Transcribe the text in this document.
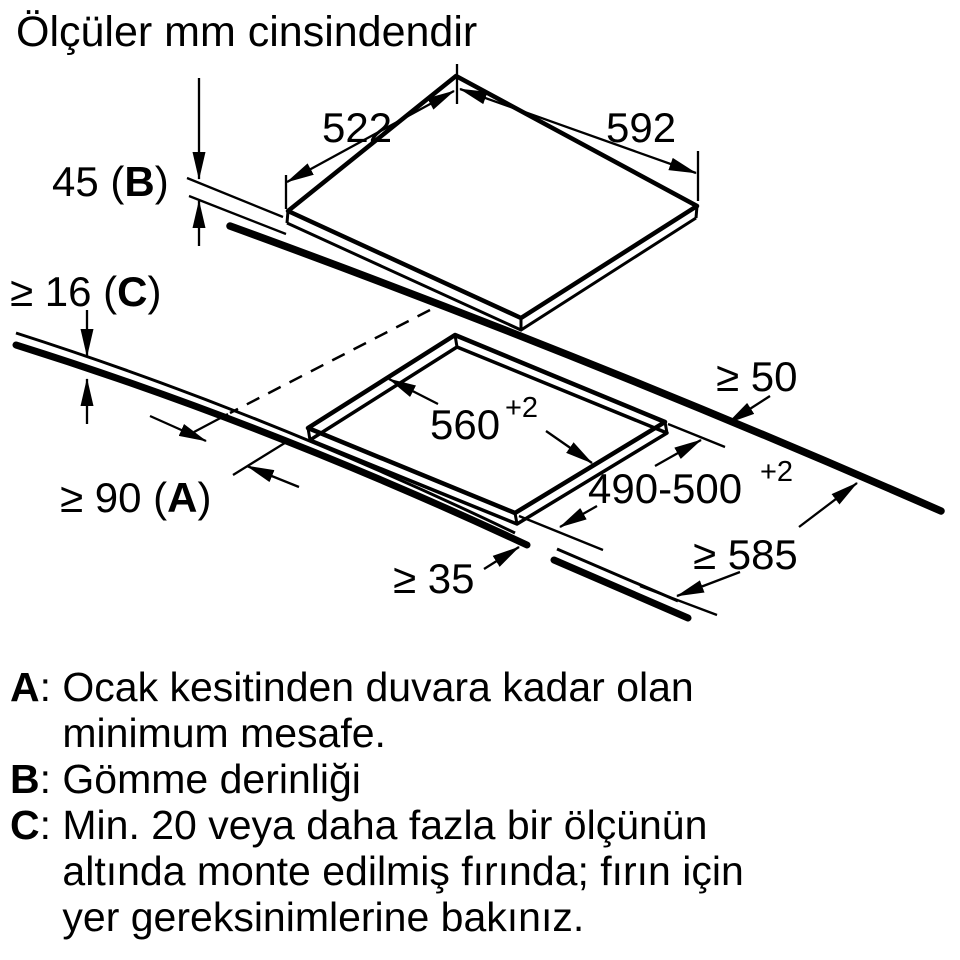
Ölçüler mm cinsindendir
522	592
45 (B)
≥ 16 (C)
≥ 50
560 +2
490-500 +2
≥ 90 (A)
≥ 35
≥ 585
A: Ocak kesitinden duvara kadar olan
minimum mesafe.
B: Gömme derinliği
C: Min. 20 veya daha fazla bir ölçünün
altında monte edilmiş fırında; fırın için
yer gereksinimlerine bakınız.
